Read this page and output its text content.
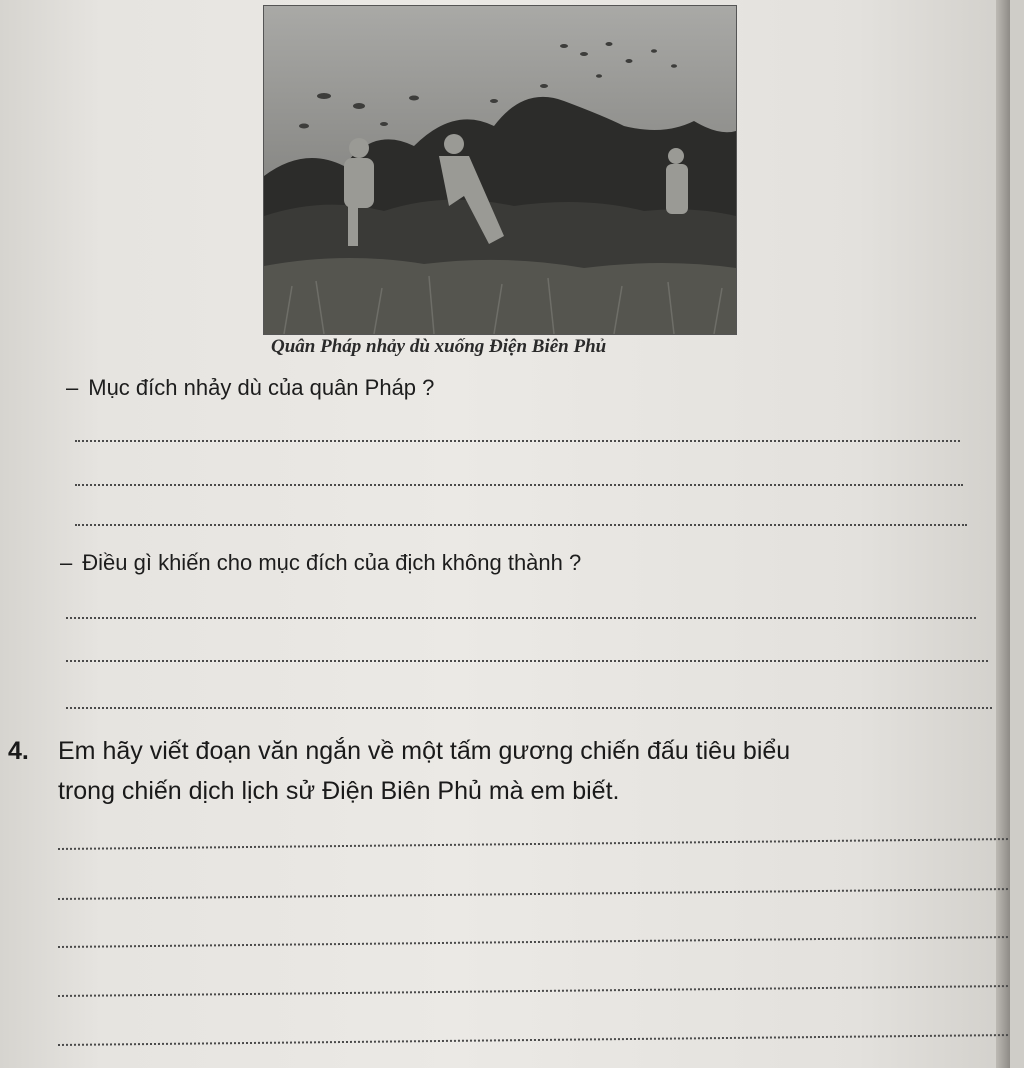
Quân Pháp nhảy dù xuống Điện Biên Phủ
– Mục đích nhảy dù của quân Pháp ?
– Điều gì khiến cho mục đích của địch không thành ?
4. Em hãy viết đoạn văn ngắn về một tấm gương chiến đấu tiêu biểu
trong chiến dịch lịch sử Điện Biên Phủ mà em biết.
